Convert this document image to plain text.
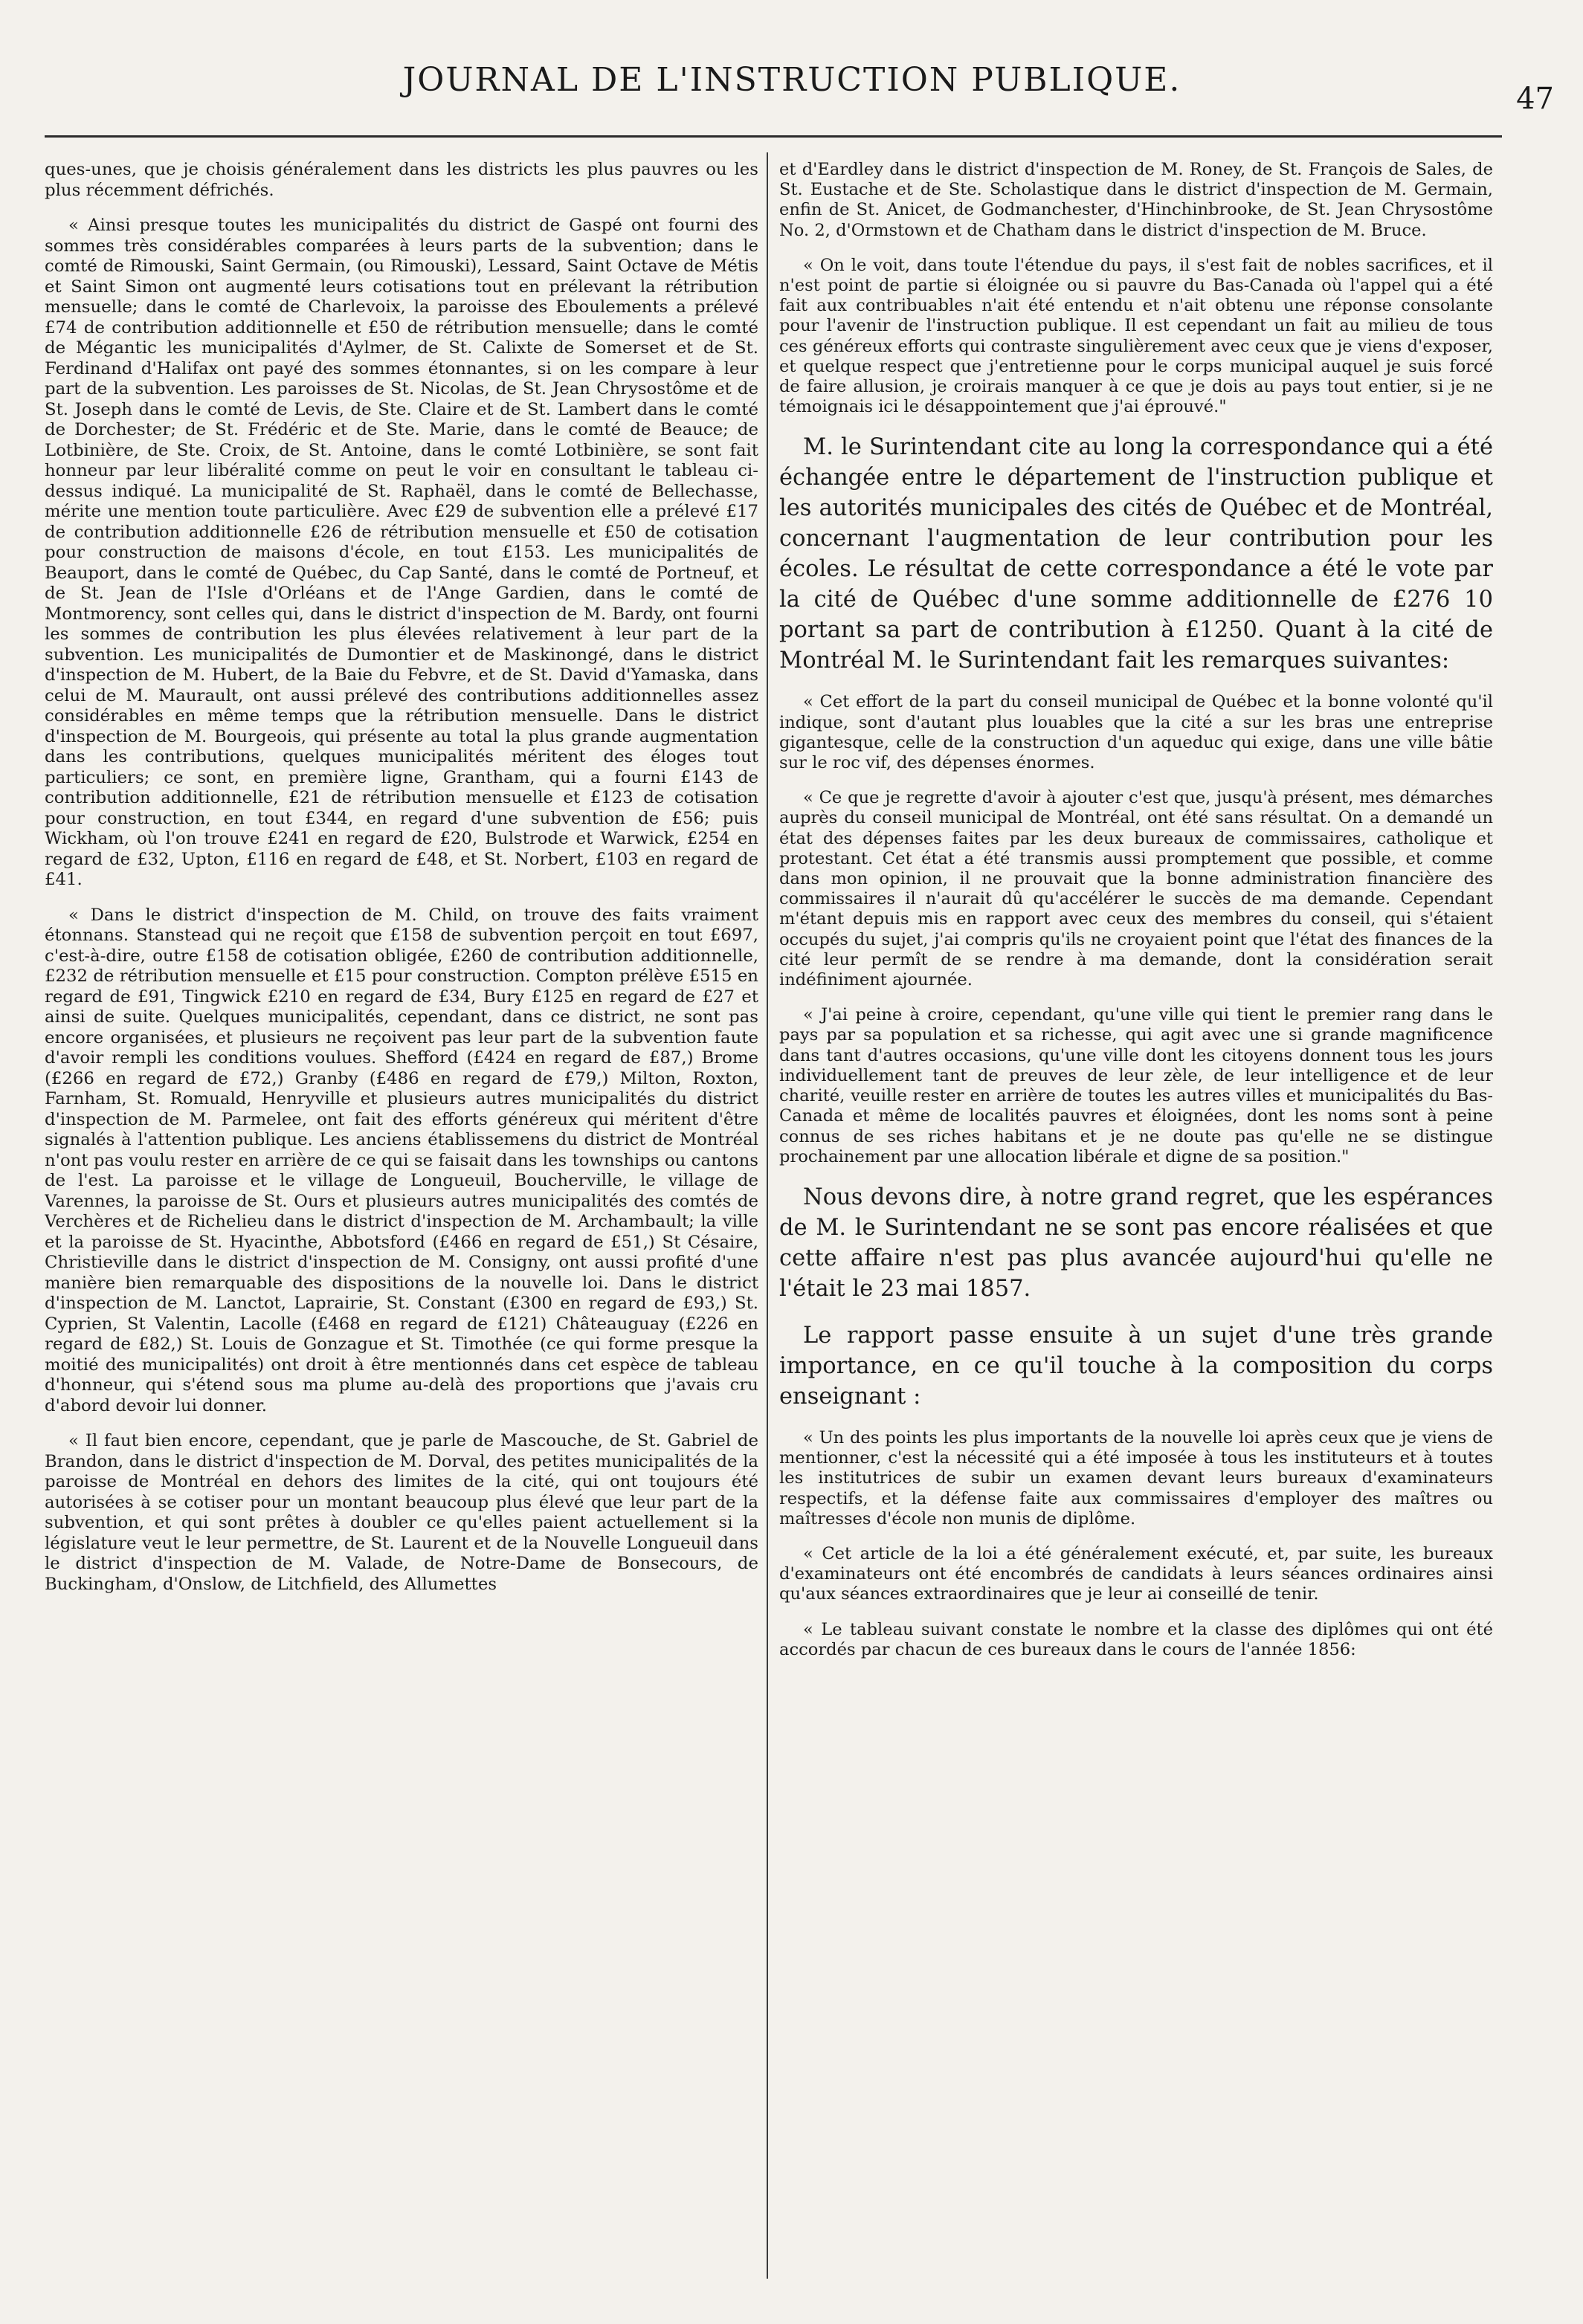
JOURNAL DE L'INSTRUCTION PUBLIQUE.	47

ques-unes, que je choisis généralement dans les districts les plus pauvres ou les plus récemment défrichés.

« Ainsi presque toutes les municipalités du district de Gaspé ont fourni des sommes très considérables comparées à leurs parts de la subvention; dans le comté de Rimouski, Saint Germain, (ou Rimouski), Lessard, Saint Octave de Métis et Saint Simon ont augmenté leurs cotisations tout en prélevant la rétribution mensuelle; dans le comté de Charlevoix, la paroisse des Eboulements a prélevé £74 de contribution additionnelle et £50 de rétribution mensuelle; dans le comté de Mégantic les municipalités d'Aylmer, de St. Calixte de Somerset et de St. Ferdinand d'Halifax ont payé des sommes étonnantes, si on les compare à leur part de la subvention. Les paroisses de St. Nicolas, de St. Jean Chrysostôme et de St. Joseph dans le comté de Levis, de Ste. Claire et de St. Lambert dans le comté de Dorchester; de St. Frédéric et de Ste. Marie, dans le comté de Beauce; de Lotbinière, de Ste. Croix, de St. Antoine, dans le comté Lotbinière, se sont fait honneur par leur libéralité comme on peut le voir en consultant le tableau ci-dessus indiqué. La municipalité de St. Raphaël, dans le comté de Bellechasse, mérite une mention toute particulière. Avec £29 de subvention elle a prélevé £17 de contribution additionnelle £26 de rétribution mensuelle et £50 de cotisation pour construction de maisons d'école, en tout £153. Les municipalités de Beauport, dans le comté de Québec, du Cap Santé, dans le comté de Portneuf, et de St. Jean de l'Isle d'Orléans et de l'Ange Gardien, dans le comté de Montmorency, sont celles qui, dans le district d'inspection de M. Bardy, ont fourni les sommes de contribution les plus élevées relativement à leur part de la subvention. Les municipalités de Dumontier et de Maskinongé, dans le district d'inspection de M. Hubert, de la Baie du Febvre, et de St. David d'Yamaska, dans celui de M. Maurault, ont aussi prélevé des contributions additionnelles assez considérables en même temps que la rétribution mensuelle. Dans le district d'inspection de M. Bourgeois, qui présente au total la plus grande augmentation dans les contributions, quelques municipalités méritent des éloges tout particuliers; ce sont, en première ligne, Grantham, qui a fourni £143 de contribution additionnelle, £21 de rétribution mensuelle et £123 de cotisation pour construction, en tout £344, en regard d'une subvention de £56; puis Wickham, où l'on trouve £241 en regard de £20, Bulstrode et Warwick, £254 en regard de £32, Upton, £116 en regard de £48, et St. Norbert, £103 en regard de £41.

« Dans le district d'inspection de M. Child, on trouve des faits vraiment étonnans. Stanstead qui ne reçoit que £158 de subvention perçoit en tout £697, c'est-à-dire, outre £158 de cotisation obligée, £260 de contribution additionnelle, £232 de rétribution mensuelle et £15 pour construction. Compton prélève £515 en regard de £91, Tingwick £210 en regard de £34, Bury £125 en regard de £27 et ainsi de suite. Quelques municipalités, cependant, dans ce district, ne sont pas encore organisées, et plusieurs ne reçoivent pas leur part de la subvention faute d'avoir rempli les conditions voulues. Shefford (£424 en regard de £87,) Brome (£266 en regard de £72,) Granby (£486 en regard de £79,) Milton, Roxton, Farnham, St. Romuald, Henryville et plusieurs autres municipalités du district d'inspection de M. Parmelee, ont fait des efforts généreux qui méritent d'être signalés à l'attention publique. Les anciens établissemens du district de Montréal n'ont pas voulu rester en arrière de ce qui se faisait dans les townships ou cantons de l'est. La paroisse et le village de Longueuil, Boucherville, le village de Varennes, la paroisse de St. Ours et plusieurs autres municipalités des comtés de Verchères et de Richelieu dans le district d'inspection de M. Archambault; la ville et la paroisse de St. Hyacinthe, Abbotsford (£466 en regard de £51,) St Césaire, Christieville dans le district d'inspection de M. Consigny, ont aussi profité d'une manière bien remarquable des dispositions de la nouvelle loi. Dans le district d'inspection de M. Lanctot, Laprairie, St. Constant (£300 en regard de £93,) St. Cyprien, St Valentin, Lacolle (£468 en regard de £121) Châteauguay (£226 en regard de £82,) St. Louis de Gonzague et St. Timothée (ce qui forme presque la moitié des municipalités) ont droit à être mentionnés dans cet espèce de tableau d'honneur, qui s'étend sous ma plume au-delà des proportions que j'avais cru d'abord devoir lui donner.

« Il faut bien encore, cependant, que je parle de Mascouche, de St. Gabriel de Brandon, dans le district d'inspection de M. Dorval, des petites municipalités de la paroisse de Montréal en dehors des limites de la cité, qui ont toujours été autorisées à se cotiser pour un montant beaucoup plus élevé que leur part de la subvention, et qui sont prêtes à doubler ce qu'elles paient actuellement si la législature veut le leur permettre, de St. Laurent et de la Nouvelle Longueuil dans le district d'inspection de M. Valade, de Notre-Dame de Bonsecours, de Buckingham, d'Onslow, de Litchfield, des Allumettes

et d'Eardley dans le district d'inspection de M. Roney, de St. François de Sales, de St. Eustache et de Ste. Scholastique dans le district d'inspection de M. Germain, enfin de St. Anicet, de Godmanchester, d'Hinchinbrooke, de St. Jean Chrysostôme No. 2, d'Ormstown et de Chatham dans le district d'inspection de M. Bruce.

« On le voit, dans toute l'étendue du pays, il s'est fait de nobles sacrifices, et il n'est point de partie si éloignée ou si pauvre du Bas-Canada où l'appel qui a été fait aux contribuables n'ait été entendu et n'ait obtenu une réponse consolante pour l'avenir de l'instruction publique. Il est cependant un fait au milieu de tous ces généreux efforts qui contraste singulièrement avec ceux que je viens d'exposer, et quelque respect que j'entretienne pour le corps municipal auquel je suis forcé de faire allusion, je croirais manquer à ce que je dois au pays tout entier, si je ne témoignais ici le désappointement que j'ai éprouvé."

M. le Surintendant cite au long la correspondance qui a été échangée entre le département de l'instruction publique et les autorités municipales des cités de Québec et de Montréal, concernant l'augmentation de leur contribution pour les écoles. Le résultat de cette correspondance a été le vote par la cité de Québec d'une somme additionnelle de £276 10 portant sa part de contribution à £1250. Quant à la cité de Montréal M. le Surintendant fait les remarques suivantes:

« Cet effort de la part du conseil municipal de Québec et la bonne volonté qu'il indique, sont d'autant plus louables que la cité a sur les bras une entreprise gigantesque, celle de la construction d'un aqueduc qui exige, dans une ville bâtie sur le roc vif, des dépenses énormes.

« Ce que je regrette d'avoir à ajouter c'est que, jusqu'à présent, mes démarches auprès du conseil municipal de Montréal, ont été sans résultat. On a demandé un état des dépenses faites par les deux bureaux de commissaires, catholique et protestant. Cet état a été transmis aussi promptement que possible, et comme dans mon opinion, il ne prouvait que la bonne administration financière des commissaires il n'aurait dû qu'accélérer le succès de ma demande. Cependant m'étant depuis mis en rapport avec ceux des membres du conseil, qui s'étaient occupés du sujet, j'ai compris qu'ils ne croyaient point que l'état des finances de la cité leur permît de se rendre à ma demande, dont la considération serait indéfiniment ajournée.

« J'ai peine à croire, cependant, qu'une ville qui tient le premier rang dans le pays par sa population et sa richesse, qui agit avec une si grande magnificence dans tant d'autres occasions, qu'une ville dont les citoyens donnent tous les jours individuellement tant de preuves de leur zèle, de leur intelligence et de leur charité, veuille rester en arrière de toutes les autres villes et municipalités du Bas-Canada et même de localités pauvres et éloignées, dont les noms sont à peine connus de ses riches habitans et je ne doute pas qu'elle ne se distingue prochainement par une allocation libérale et digne de sa position."

Nous devons dire, à notre grand regret, que les espérances de M. le Surintendant ne se sont pas encore réalisées et que cette affaire n'est pas plus avancée aujourd'hui qu'elle ne l'était le 23 mai 1857.

Le rapport passe ensuite à un sujet d'une très grande importance, en ce qu'il touche à la composition du corps enseignant :

« Un des points les plus importants de la nouvelle loi après ceux que je viens de mentionner, c'est la nécessité qui a été imposée à tous les instituteurs et à toutes les institutrices de subir un examen devant leurs bureaux d'examinateurs respectifs, et la défense faite aux commissaires d'employer des maîtres ou maîtresses d'école non munis de diplôme.

« Cet article de la loi a été généralement exécuté, et, par suite, les bureaux d'examinateurs ont été encombrés de candidats à leurs séances ordinaires ainsi qu'aux séances extraordinaires que je leur ai conseillé de tenir.

« Le tableau suivant constate le nombre et la classe des diplômes qui ont été accordés par chacun de ces bureaux dans le cours de l'année 1856:
